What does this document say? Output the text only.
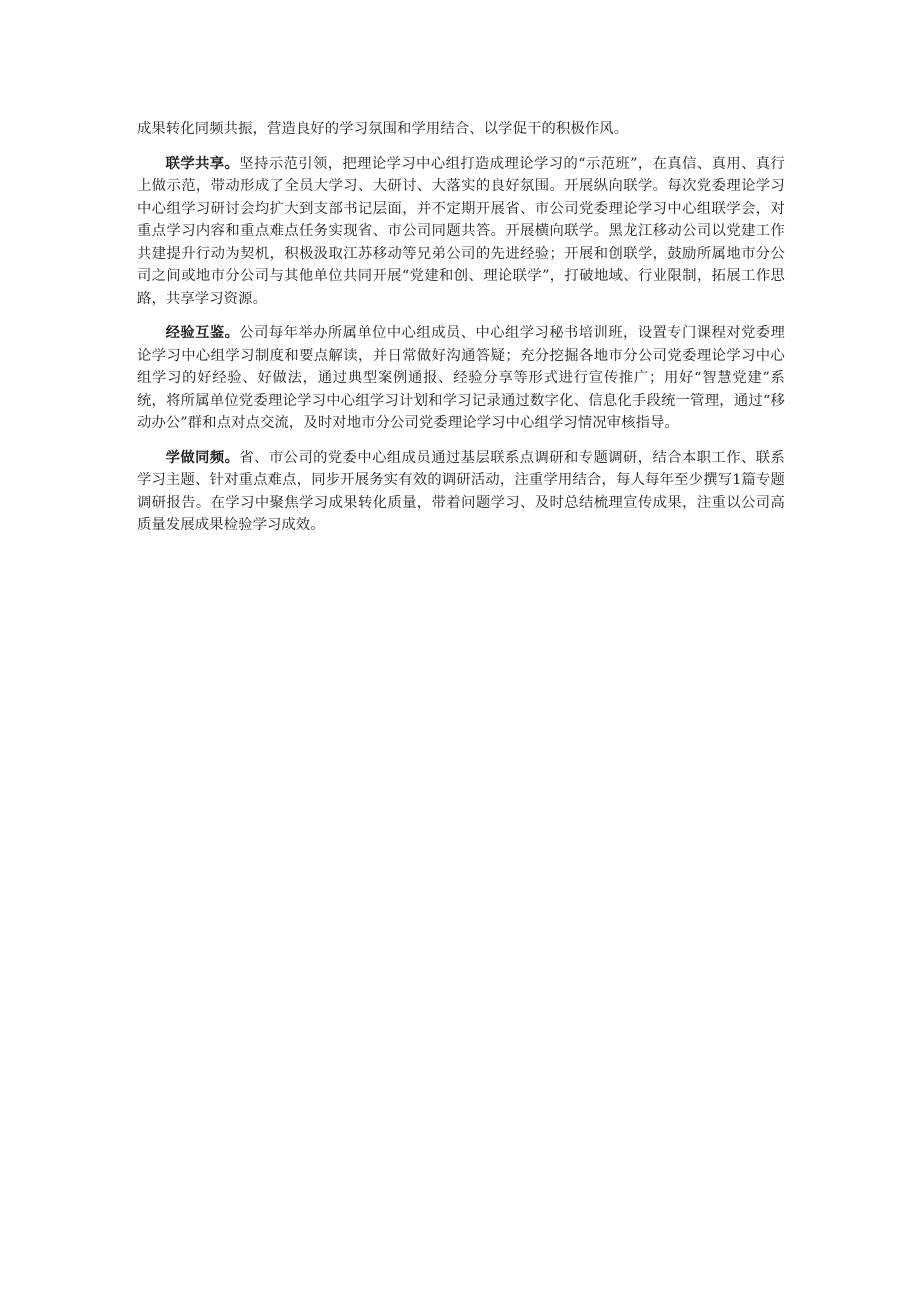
成果转化同频共振，营造良好的学习氛围和学用结合、以学促干的积极作风。

联学共享。坚持示范引领，把理论学习中心组打造成理论学习的“示范班”，在真信、真用、真行上做示范，带动形成了全员大学习、大研讨、大落实的良好氛围。开展纵向联学。每次党委理论学习中心组学习研讨会均扩大到支部书记层面，并不定期开展省、市公司党委理论学习中心组联学会，对重点学习内容和重点难点任务实现省、市公司同题共答。开展横向联学。黑龙江移动公司以党建工作共建提升行动为契机，积极汲取江苏移动等兄弟公司的先进经验；开展和创联学，鼓励所属地市分公司之间或地市分公司与其他单位共同开展“党建和创、理论联学”，打破地域、行业限制，拓展工作思路，共享学习资源。

经验互鉴。公司每年举办所属单位中心组成员、中心组学习秘书培训班，设置专门课程对党委理论学习中心组学习制度和要点解读，并日常做好沟通答疑；充分挖掘各地市分公司党委理论学习中心组学习的好经验、好做法，通过典型案例通报、经验分享等形式进行宣传推广；用好“智慧党建”系统，将所属单位党委理论学习中心组学习计划和学习记录通过数字化、信息化手段统一管理，通过“移动办公”群和点对点交流，及时对地市分公司党委理论学习中心组学习情况审核指导。

学做同频。省、市公司的党委中心组成员通过基层联系点调研和专题调研，结合本职工作、联系学习主题、针对重点难点，同步开展务实有效的调研活动，注重学用结合，每人每年至少撰写1篇专题调研报告。在学习中聚焦学习成果转化质量，带着问题学习、及时总结梳理宣传成果，注重以公司高质量发展成果检验学习成效。
